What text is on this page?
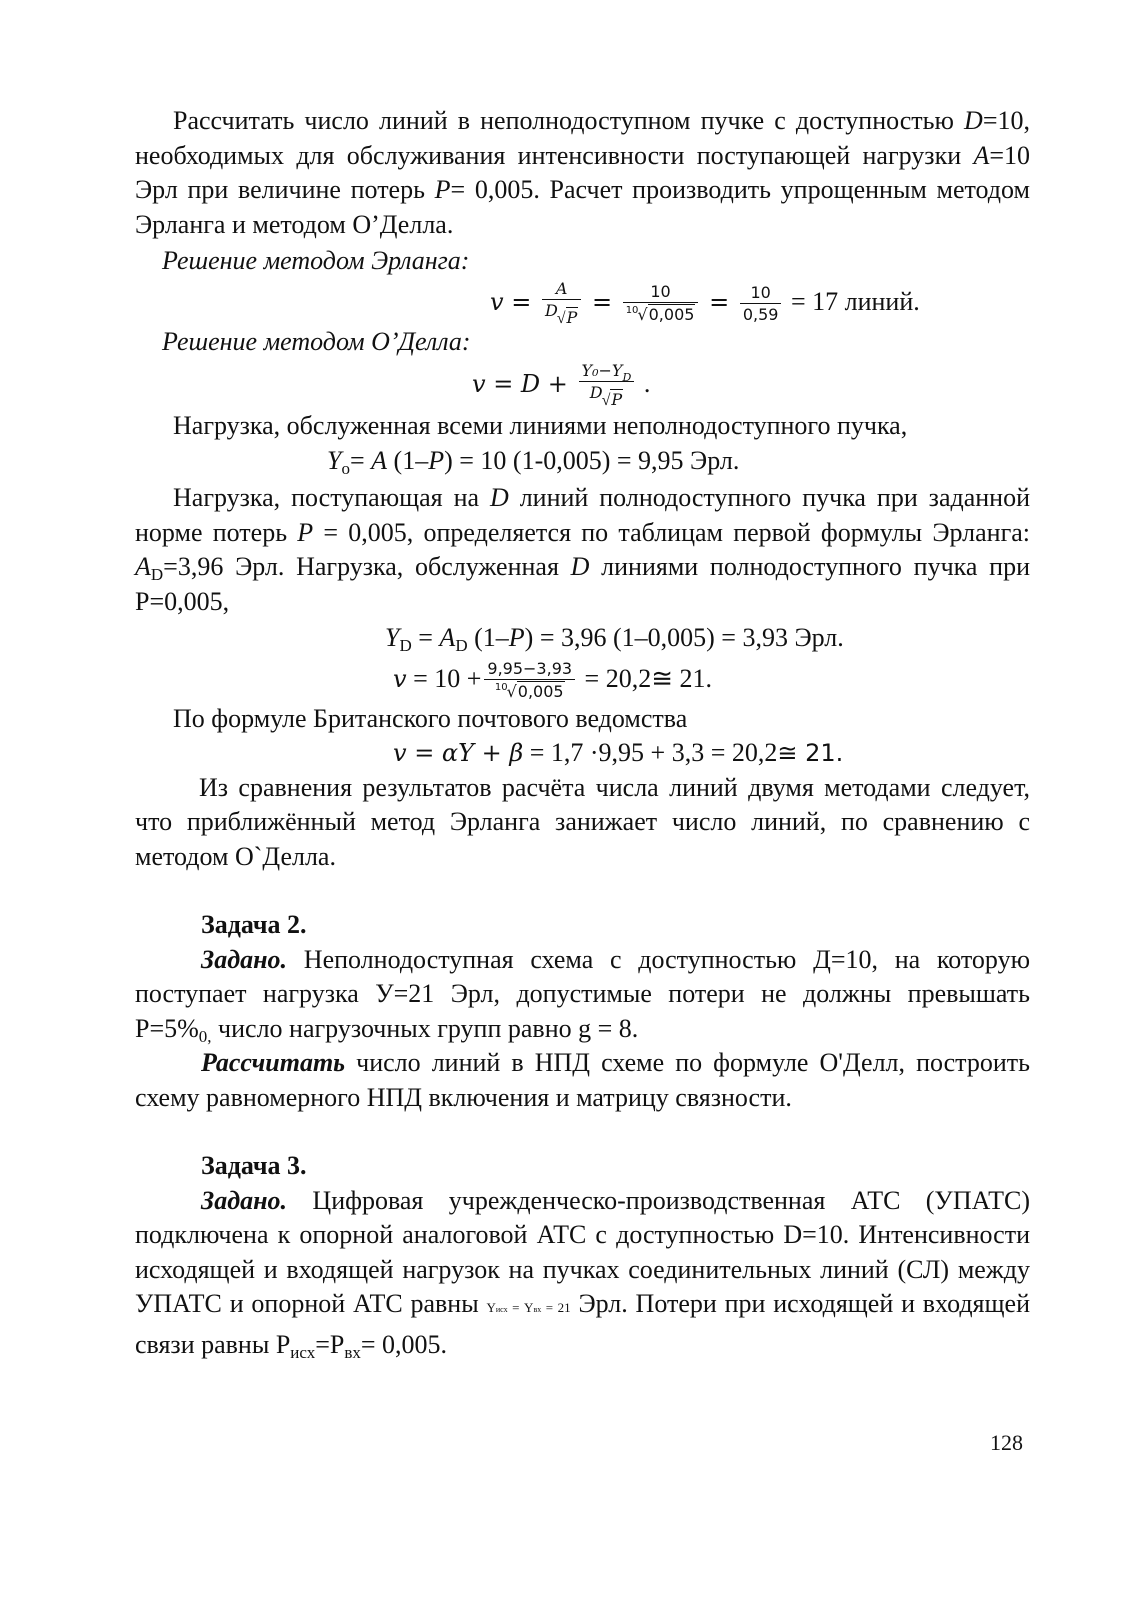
Рассчитать число линий в неполнодоступном пучке с доступностью D=10, необходимых для обслуживания интенсивности поступающей нагрузки A=10 Эрл при величине потерь P= 0,005. Расчет производить упрощенным методом Эрланга и методом О’Делла.

Решение методом Эрланга:

$v = \frac{A}{D√P} = \frac{10}{^{10}√0,005} = \frac{10}{0,59} = 17$ линий.

Решение методом О’Делла:

$v = D + \frac{Y_0-Y_D}{D√P}$ .

Нагрузка, обслуженная всеми линиями неполнодоступного пучка,

$Y_o= A$ (1–P) = 10 (1-0,005) = 9,95 Эрл.

Нагрузка, поступающая на D линий полнодоступного пучка при заданной норме потерь P = 0,005, определяется по таблицам первой формулы Эрланга: $A_D=3,96$ Эрл. Нагрузка, обслуженная D линиями полнодоступного пучка при P=0,005,

$Y_D = A_D$ (1–P) = 3,96 (1–0,005) = 3,93 Эрл.

$v = 10 + \frac{9,95-3,93}{^{10}√0,005}$ = 20,2≅ 21.

По формуле Британского почтового ведомства

v = αY + β = 1,7 ·9,95 + 3,3 = 20,2≅ 21.

Из сравнения результатов расчёта числа линий двумя методами следует, что приближённый метод Эрланга занижает число линий, по сравнению с методом О`Делла.

Задача 2.

Задано. Неполнодоступная схема с доступностью Д=10, на которую поступает нагрузка У=21 Эрл, допустимые потери не должны превышать $Р=5\%_{0,}$ число нагрузочных групп равно g = 8.

Рассчитать число линий в НПД схеме по формуле О'Делл, построить схему равномерного НПД включения и матрицу связности.

Задача 3.

Задано. Цифровая учрежденческо-производственная АТС (УПАТС) подключена к опорной аналоговой АТС с доступностью D=10. Интенсивности исходящей и входящей нагрузок на пучках соединительных линий (СЛ) между УПАТС и опорной АТС равны Yисх = Yвх = 21 Эрл. Потери при исходящей и входящей связи равны $P_{исх}=P_{вх}= 0,005$.

128
